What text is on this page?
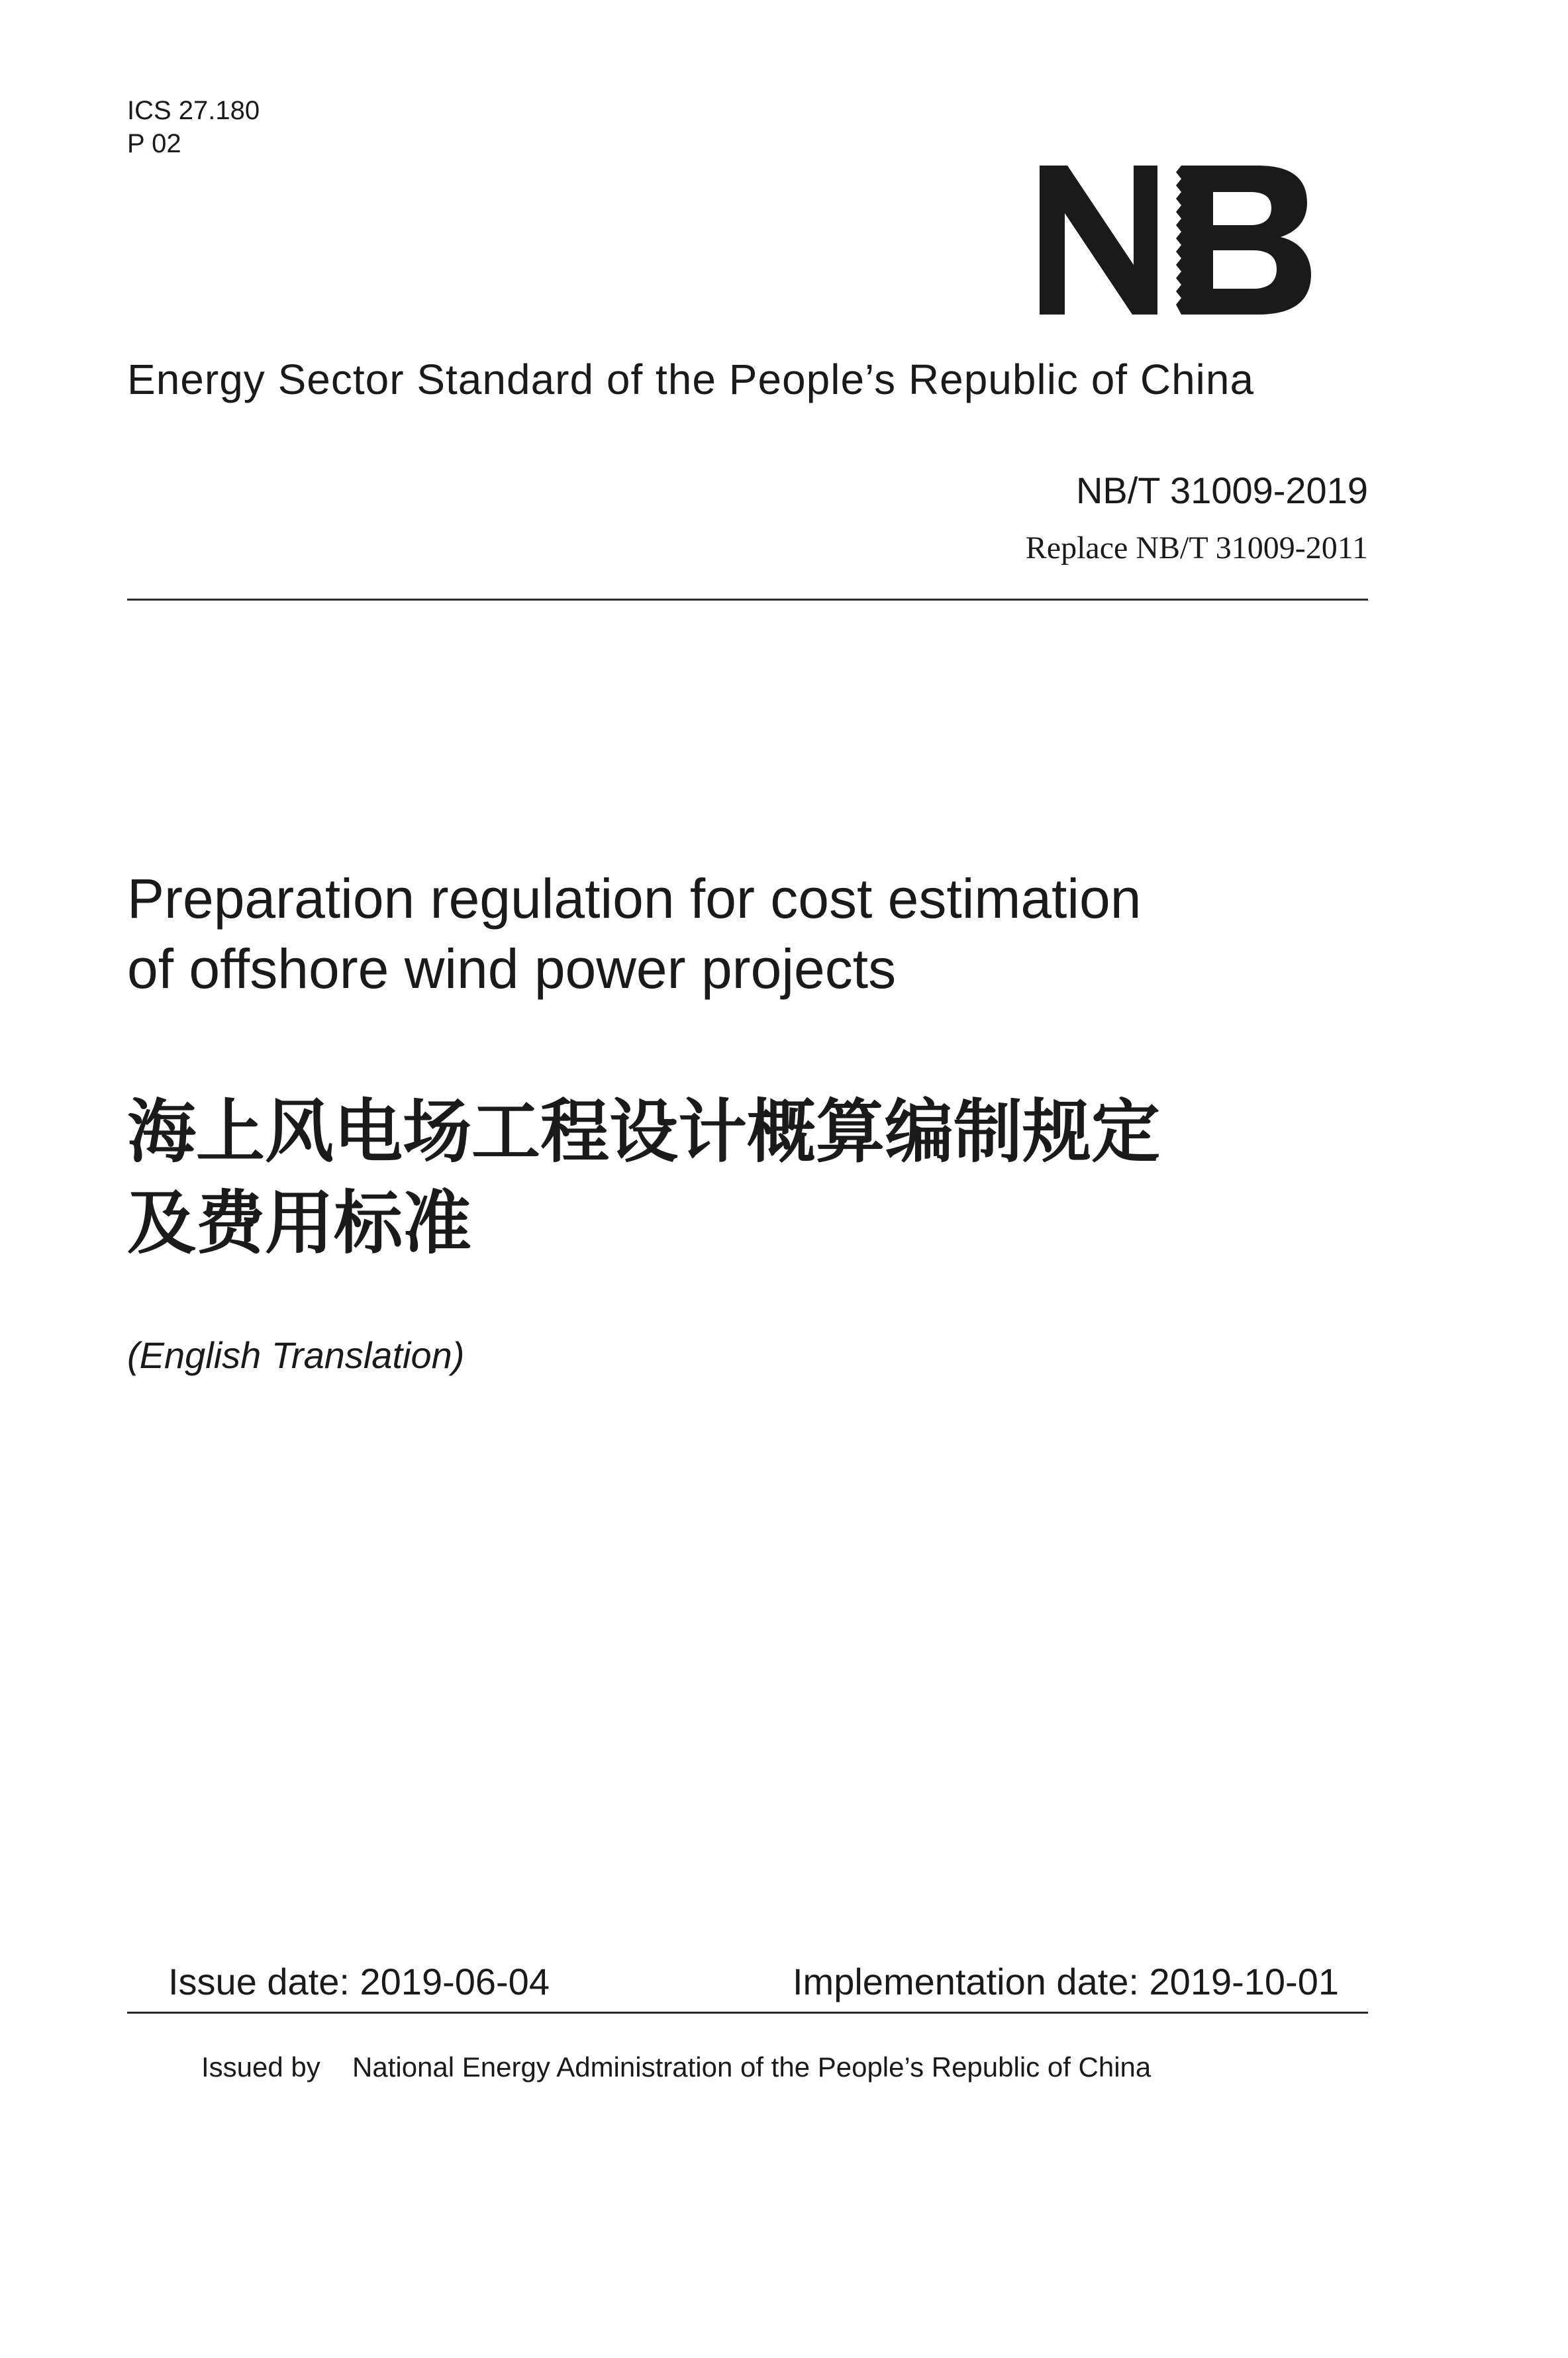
ICS 27.180
P 02
Energy Sector Standard of the People’s Republic of China
NB/T 31009-2019
Replace NB/T 31009-2011
Preparation regulation for cost estimation
of offshore wind power projects
海上风电场工程设计概算编制规定
及费用标准
(English Translation)
Issue date: 2019-06-04	Implementation date: 2019-10-01
Issued by National Energy Administration of the People’s Republic of China
